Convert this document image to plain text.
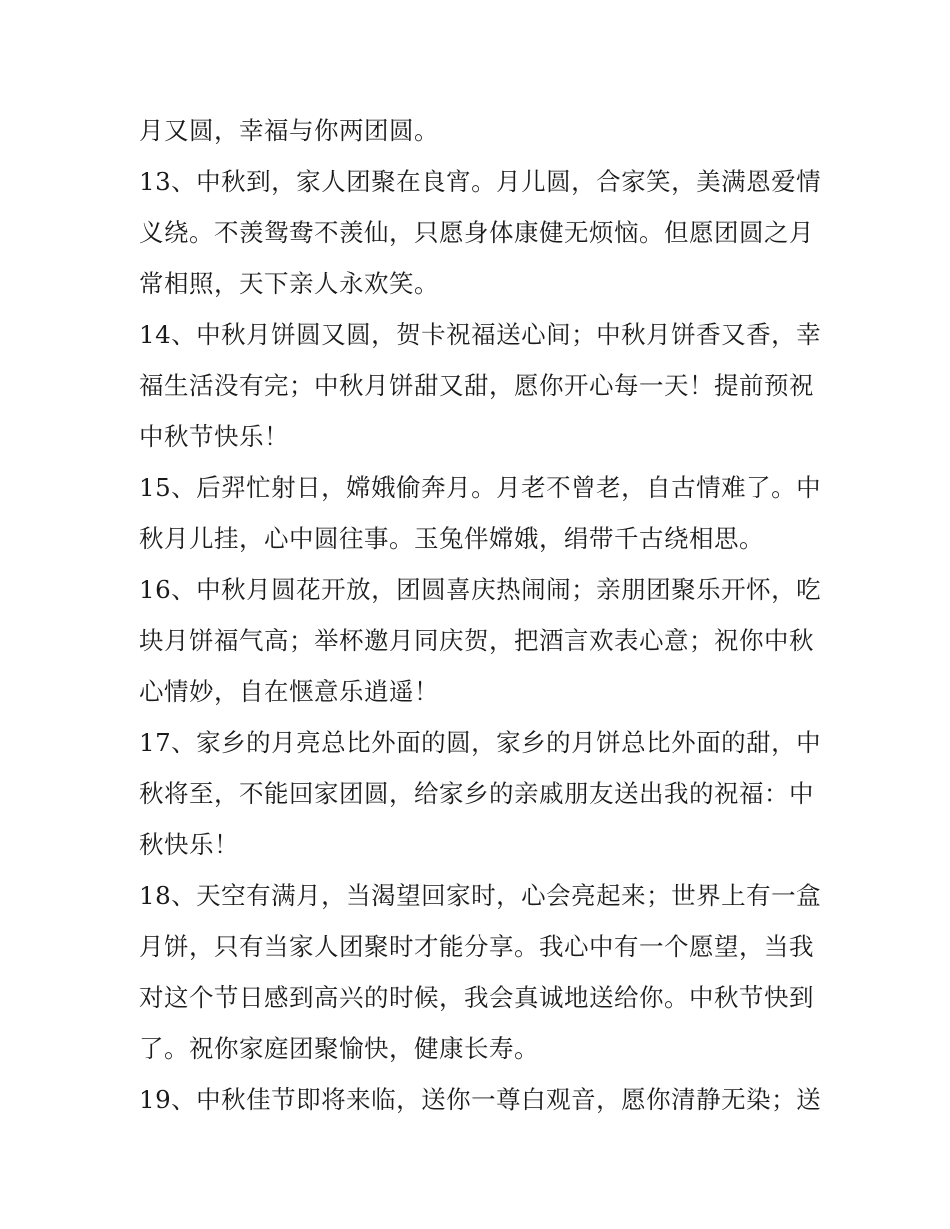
月又圆，幸福与你两团圆。
13、中秋到，家人团聚在良宵。月儿圆，合家笑，美满恩爱情
义绕。不羡鸳鸯不羡仙，只愿身体康健无烦恼。但愿团圆之月
常相照，天下亲人永欢笑。
14、中秋月饼圆又圆，贺卡祝福送心间；中秋月饼香又香，幸
福生活没有完；中秋月饼甜又甜，愿你开心每一天！提前预祝
中秋节快乐！
15、后羿忙射日，嫦娥偷奔月。月老不曾老，自古情难了。中
秋月儿挂，心中圆往事。玉兔伴嫦娥，绢带千古绕相思。
16、中秋月圆花开放，团圆喜庆热闹闹；亲朋团聚乐开怀，吃
块月饼福气高；举杯邀月同庆贺，把酒言欢表心意；祝你中秋
心情妙，自在惬意乐逍遥！
17、家乡的月亮总比外面的圆，家乡的月饼总比外面的甜，中
秋将至，不能回家团圆，给家乡的亲戚朋友送出我的祝福：中
秋快乐！
18、天空有满月，当渴望回家时，心会亮起来；世界上有一盒
月饼，只有当家人团聚时才能分享。我心中有一个愿望，当我
对这个节日感到高兴的时候，我会真诚地送给你。中秋节快到
了。祝你家庭团聚愉快，健康长寿。
19、中秋佳节即将来临，送你一尊白观音，愿你清静无染；送
